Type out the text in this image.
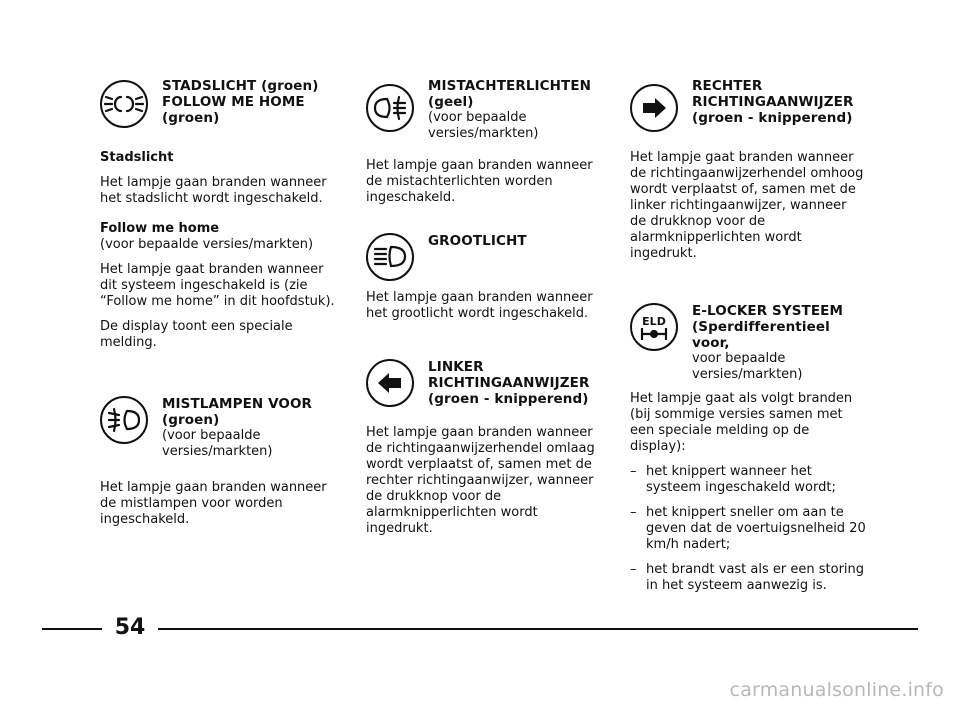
STADSLICHT (groen)
FOLLOW ME HOME
(groen)

Stadslicht

Het lampje gaan branden wanneer het stadslicht wordt ingeschakeld.

Follow me home

(voor bepaalde versies/markten)

Het lampje gaat branden wanneer dit systeem ingeschakeld is (zie “Follow me home” in dit hoofdstuk).

De display toont een speciale melding.

MISTLAMPEN VOOR
(groen)
(voor bepaalde
versies/markten)

Het lampje gaan branden wanneer de mistlampen voor worden ingeschakeld.

MISTACHTERLICHTEN
(geel)
(voor bepaalde
versies/markten)

Het lampje gaan branden wanneer de mistachterlichten worden ingeschakeld.

GROOTLICHT

Het lampje gaan branden wanneer het grootlicht wordt ingeschakeld.

LINKER
RICHTINGAANWIJZER
(groen - knipperend)

Het lampje gaan branden wanneer de richtingaanwijzerhendel omlaag wordt verplaatst of, samen met de rechter richtingaanwijzer, wanneer de drukknop voor de alarmknipperlichten wordt ingedrukt.

RECHTER
RICHTINGAANWIJZER
(groen - knipperend)

Het lampje gaat branden wanneer de richtingaanwijzerhendel omhoog wordt verplaatst of, samen met de linker richtingaanwijzer, wanneer de drukknop voor de alarmknipperlichten wordt ingedrukt.

ELD
E-LOCKER SYSTEEM
(Sperdifferentieel voor,
voor bepaalde
versies/markten)

Het lampje gaat als volgt branden (bij sommige versies samen met een speciale melding op de display):

– het knippert wanneer het systeem ingeschakeld wordt;
– het knippert sneller om aan te geven dat de voertuigsnelheid 20 km/h nadert;
– het brandt vast als er een storing in het systeem aanwezig is.
54
carmanualsonline.info
